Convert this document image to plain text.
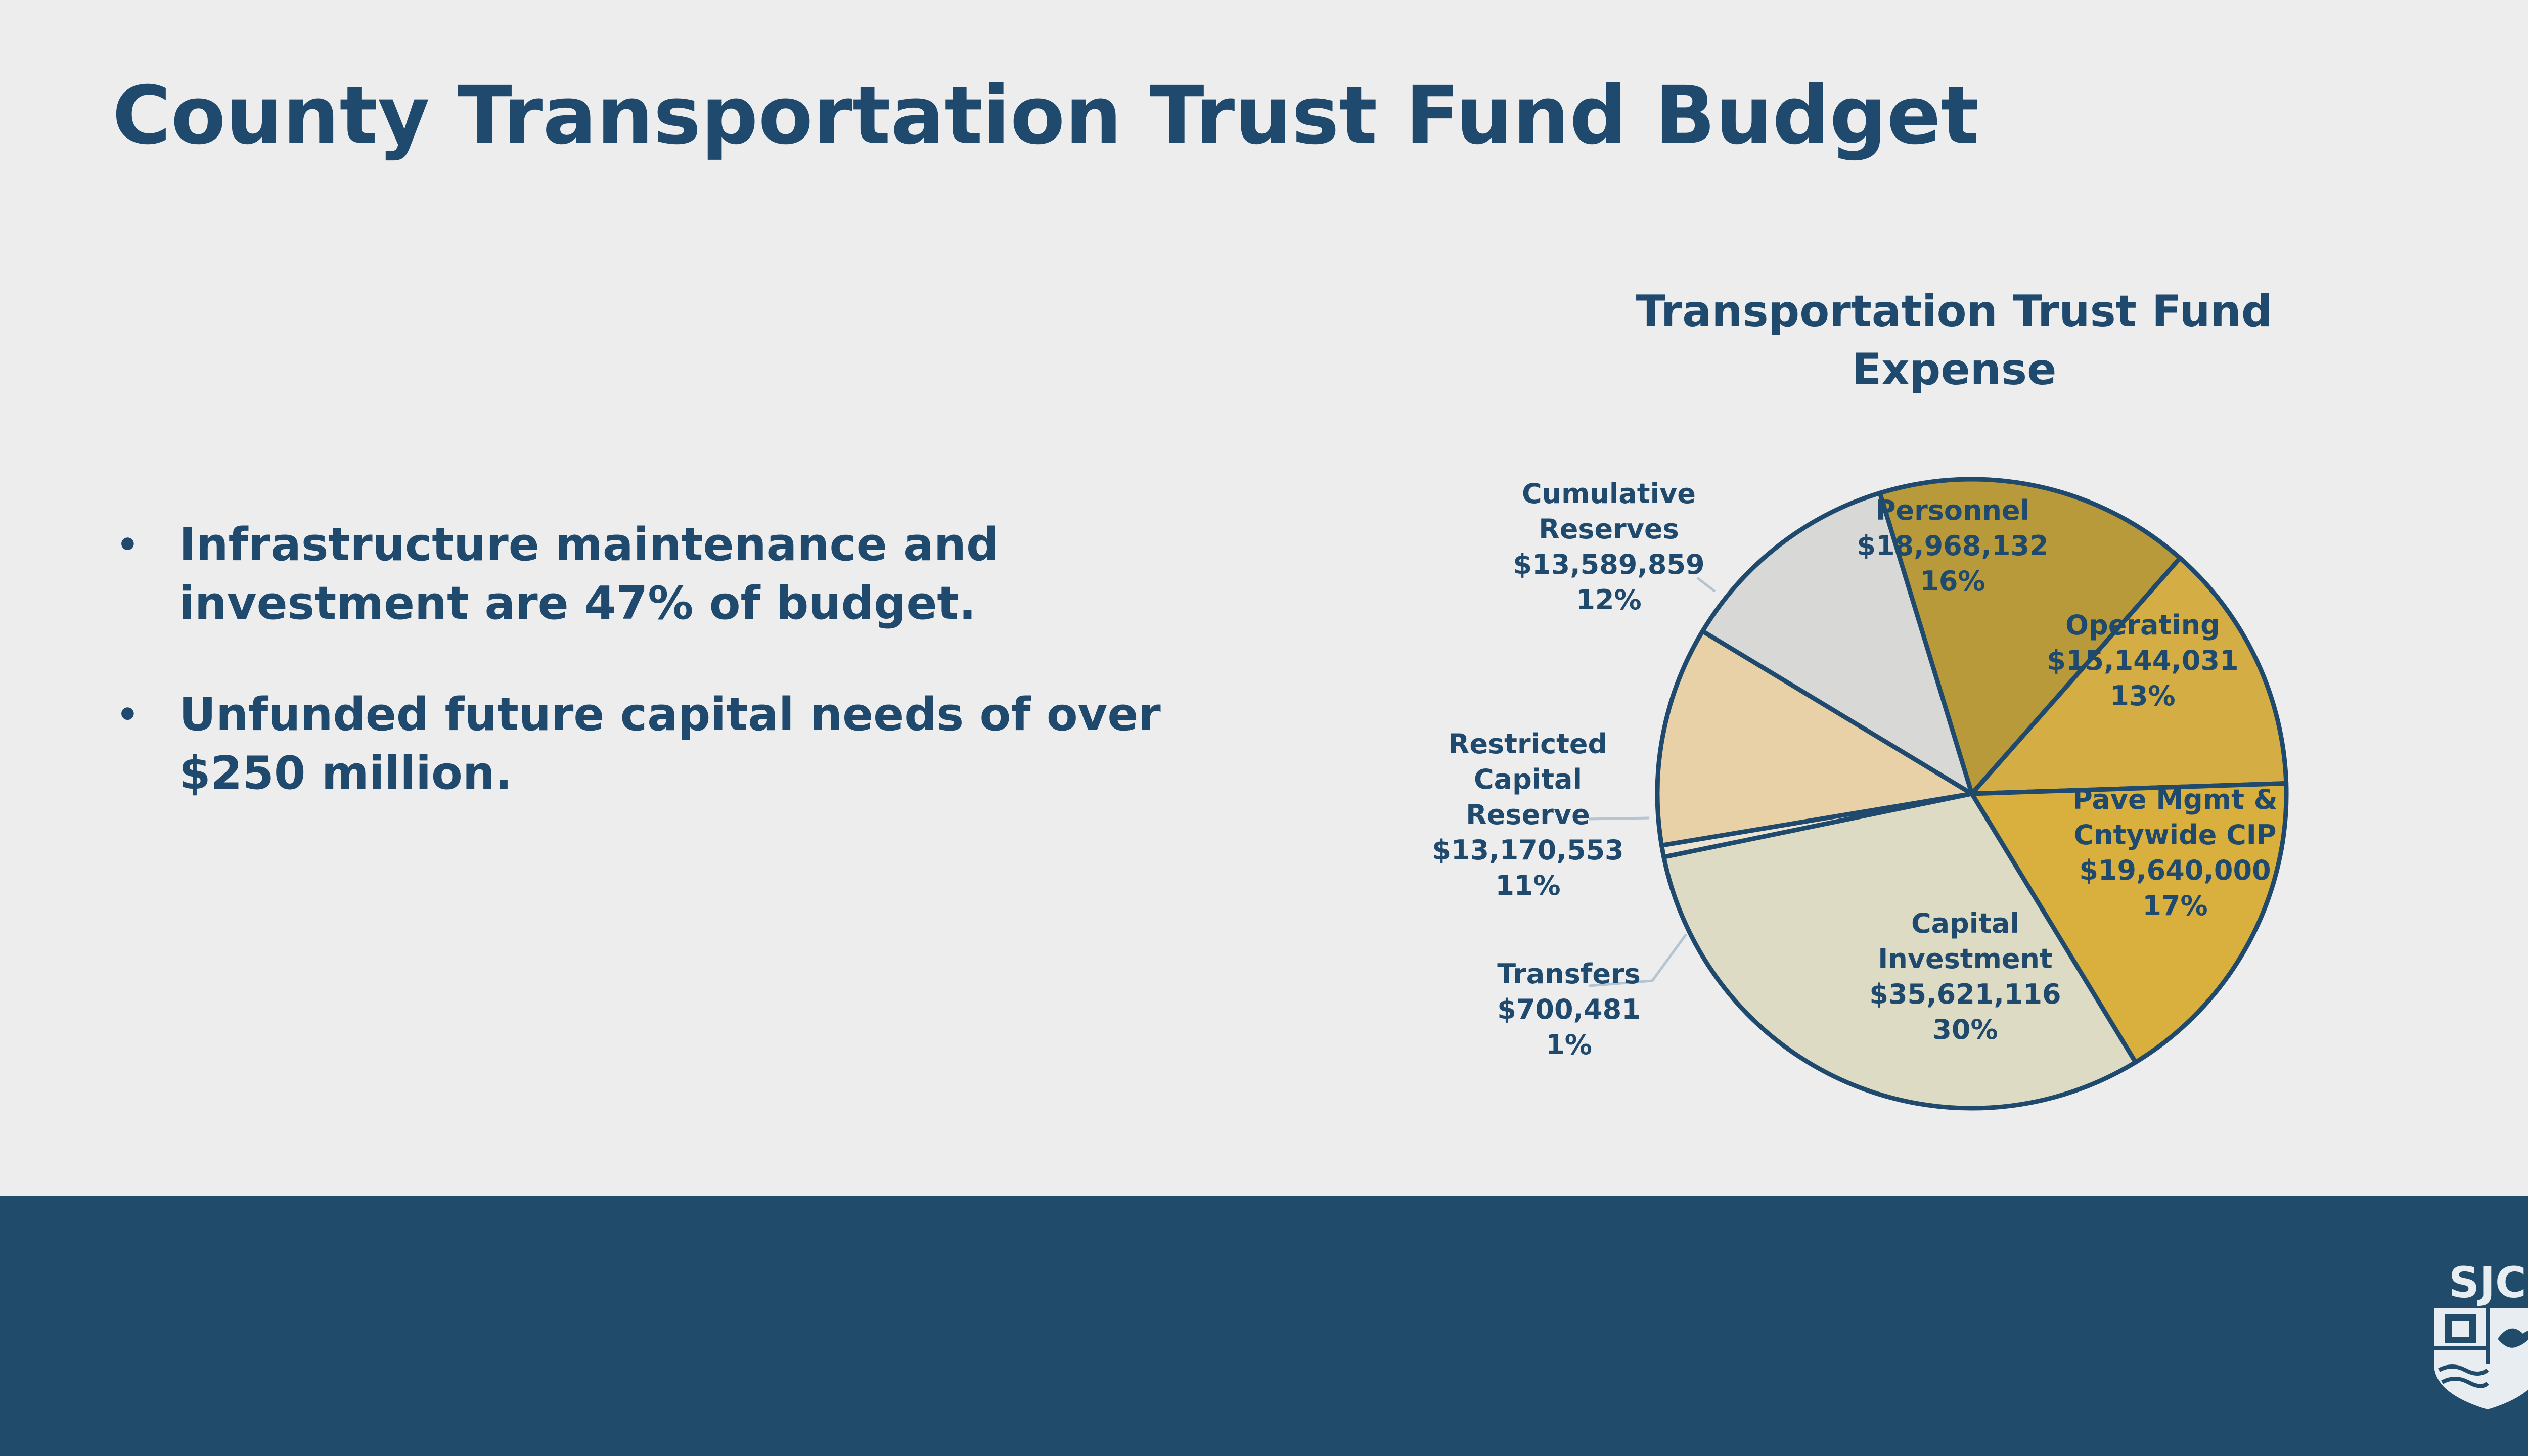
County Transportation Trust Fund Budget
• Infrastructure maintenance and investment are 47% of budget.
• Unfunded future capital needs of over $250 million.
Transportation Trust Fund
Expense
Personnel $18,968,132 16%
Operating $15,144,031 13%
Pave Mgmt & Cntywide CIP $19,640,000 17%
Capital Investment $35,621,116 30%
Transfers $700,481 1%
Restricted Capital Reserve $13,170,553 11%
Cumulative Reserves $13,589,859 12%
SJC
